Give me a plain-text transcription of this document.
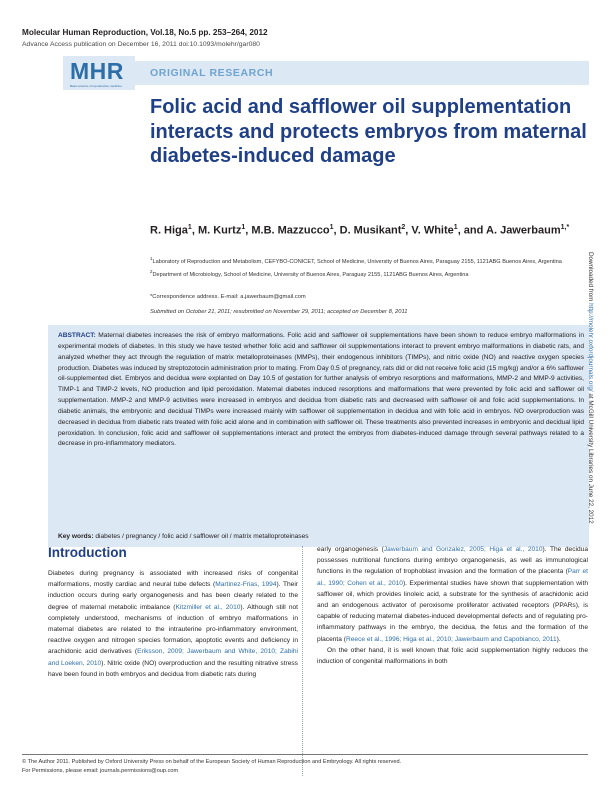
Molecular Human Reproduction, Vol.18, No.5 pp. 253–264, 2012
Advance Access publication on December 16, 2011 doi:10.1093/molehr/gar080
MHR
Basic science of reproductive medicine
ORIGINAL RESEARCH
Folic acid and safflower oil supplementation interacts and protects embryos from maternal diabetes-induced damage
R. Higa$^1$, M. Kurtz$^1$, M.B. Mazzucco$^1$, D. Musikant$^2$, V. White$^1$, and A. Jawerbaum$^{1,*}$
$^1$Laboratory of Reproduction and Metabolism, CEFYBO-CONICET, School of Medicine, University of Buenos Aires, Paraguay 2155, 1121ABG Buenos Aires, Argentina $^2$Department of Microbiology, School of Medicine, University of Buenos Aires, Paraguay 2155, 1121ABG Buenos Aires, Argentina
*Correspondence address. E-mail: a.jawerbaum@gmail.com
Submitted on October 21, 2011; resubmitted on November 29, 2011; accepted on December 8, 2011
ABSTRACT: Maternal diabetes increases the risk of embryo malformations. Folic acid and safflower oil supplementations have been shown to reduce embryo malformations in experimental models of diabetes. In this study we have tested whether folic acid and safflower oil supplementations interact to prevent embryo malformations in diabetic rats, and analyzed whether they act through the regulation of matrix metalloproteinases (MMPs), their endogenous inhibitors (TIMPs), and nitric oxide (NO) and reactive oxygen species production. Diabetes was induced by streptozotocin administration prior to mating. From Day 0.5 of pregnancy, rats did or did not receive folic acid (15 mg/kg) and/or a 6% safflower oil-supplemented diet. Embryos and decidua were explanted on Day 10.5 of gestation for further analysis of embryo resorptions and malformations, MMP-2 and MMP-9 activities, TIMP-1 and TIMP-2 levels, NO production and lipid peroxidation. Maternal diabetes induced resorptions and malformations that were prevented by folic acid and safflower oil supplementation. MMP-2 and MMP-9 activities were increased in embryos and decidua from diabetic rats and decreased with safflower oil and folic acid supplementations. In diabetic animals, the embryonic and decidual TIMPs were increased mainly with safflower oil supplementation in decidua and with folic acid in embryos. NO overproduction was decreased in decidua from diabetic rats treated with folic acid alone and in combination with safflower oil. These treatments also prevented increases in embryonic and decidual lipid peroxidation. In conclusion, folic acid and safflower oil supplementations interact and protect the embryos from diabetes-induced damage through several pathways related to a decrease in pro-inflammatory mediators.
Key words: diabetes / pregnancy / folic acid / safflower oil / matrix metalloproteinases
Introduction
Diabetes during pregnancy is associated with increased risks of congenital malformations, mostly cardiac and neural tube defects (Martinez-Frias, 1994). Their induction occurs during early organogenesis and has been clearly related to the degree of maternal metabolic imbalance (Kitzmiller et al., 2010). Although still not completely understood, mechanisms of induction of embryo malformations in maternal diabetes are related to the intrauterine pro-inflammatory environment, reactive oxygen and nitrogen species formation, apoptotic events and deficiency in arachidonic acid derivatives (Eriksson, 2009; Jawerbaum and White, 2010; Zabihi and Loeken, 2010). Nitric oxide (NO) overproduction and the resulting nitrative stress have been found in both embryos and decidua from diabetic rats during
early organogenesis (Jawerbaum and Gonzalez, 2005; Higa et al., 2010). The decidua possesses nutritional functions during embryo organogenesis, as well as immunological functions in the regulation of trophoblast invasion and the formation of the placenta (Parr et al., 1990; Cohen et al., 2010). Experimental studies have shown that supplementation with safflower oil, which provides linoleic acid, a substrate for the synthesis of arachidonic acid and an endogenous activator of peroxisome proliferator activated receptors (PPARs), is capable of reducing maternal diabetes-induced developmental defects and of regulating pro-inflammatory pathways in the embryo, the decidua, the fetus and the formation of the placenta (Reece et al., 1996; Higa et al., 2010; Jawerbaum and Capobianco, 2011).
On the other hand, it is well known that folic acid supplementation highly reduces the induction of congenital malformations in both
© The Author 2011. Published by Oxford University Press on behalf of the European Society of Human Reproduction and Embryology. All rights reserved.
For Permissions, please email: journals.permissions@oup.com
Downloaded from http://molehr.oxfordjournals.org/ at McGill University Libraries on June 22, 2012
